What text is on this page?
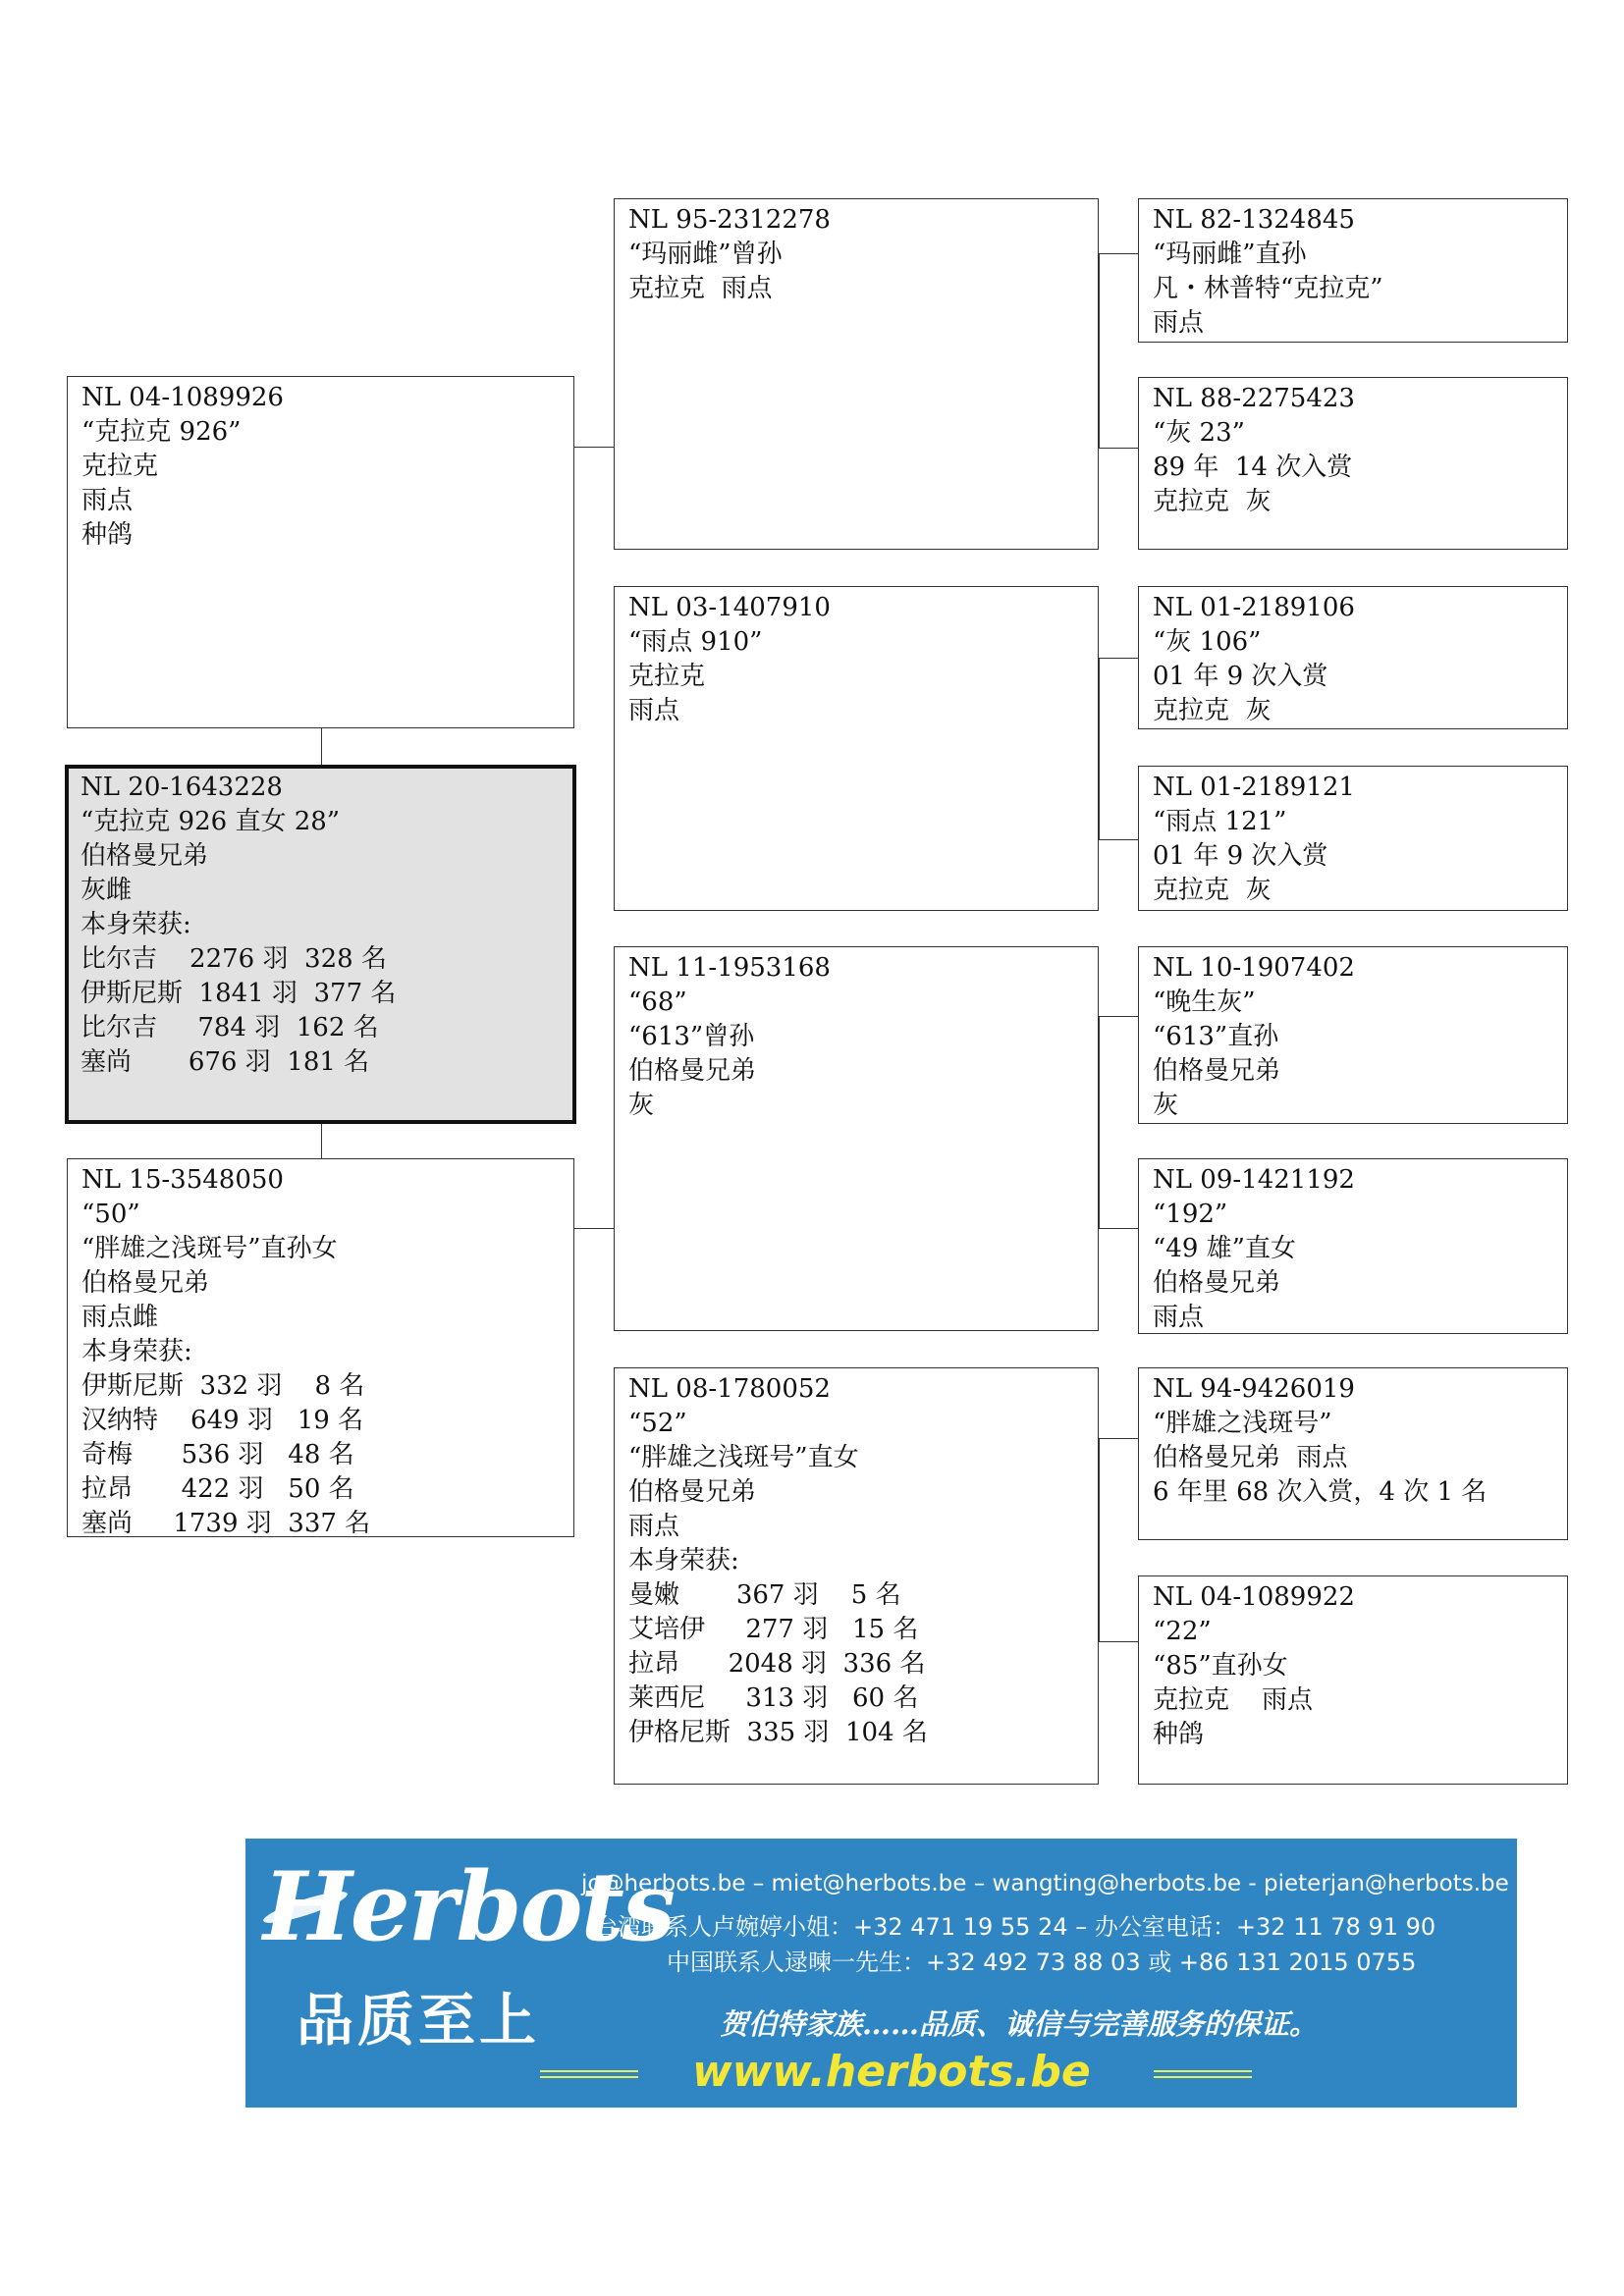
NL 04-1089926
“克拉克 926”
克拉克
雨点
种鸽
NL 20-1643228
“克拉克 926 直女 28”
伯格曼兄弟
灰雌
本身荣获:
比尔吉    2276 羽  328 名
伊斯尼斯  1841 羽  377 名
比尔吉     784 羽  162 名
塞尚       676 羽  181 名
NL 15-3548050
“50”
“胖雄之浅斑号”直孙女
伯格曼兄弟
雨点雌
本身荣获:
伊斯尼斯  332 羽    8 名
汉纳特    649 羽   19 名
奇梅      536 羽   48 名
拉昂      422 羽   50 名
塞尚     1739 羽  337 名
NL 95-2312278
“玛丽雌”曾孙
克拉克  雨点
NL 03-1407910
“雨点 910”
克拉克
雨点
NL 11-1953168
“68”
“613”曾孙
伯格曼兄弟
灰
NL 08-1780052
“52”
“胖雄之浅斑号”直女
伯格曼兄弟
雨点
本身荣获:
曼嫩       367 羽    5 名
艾培伊     277 羽   15 名
拉昂      2048 羽  336 名
莱西尼     313 羽   60 名
伊格尼斯  335 羽  104 名
NL 82-1324845
“玛丽雌”直孙
凡・林普特“克拉克”
雨点
NL 88-2275423
“灰 23”
89 年  14 次入赏
克拉克  灰
NL 01-2189106
“灰 106”
01 年 9 次入赏
克拉克  灰
NL 01-2189121
“雨点 121”
01 年 9 次入赏
克拉克  灰
NL 10-1907402
“晚生灰”
“613”直孙
伯格曼兄弟
灰
NL 09-1421192
“192”
“49 雄”直女
伯格曼兄弟
雨点
NL 94-9426019
“胖雄之浅斑号”
伯格曼兄弟  雨点
6 年里 68 次入赏，4 次 1 名
NL 04-1089922
“22”
“85”直孙女
克拉克    雨点
种鸽
Herbots
品质至上
jo@herbots.be – miet@herbots.be – wangting@herbots.be - pieterjan@herbots.be
台湾联系人卢婉婷小姐：+32 471 19 55 24 – 办公室电话：+32 11 78 91 90
中国联系人逯暕一先生：+32 492 73 88 03 或 +86 131 2015 0755
贺伯特家族……品质、诚信与完善服务的保证。
www.herbots.be
